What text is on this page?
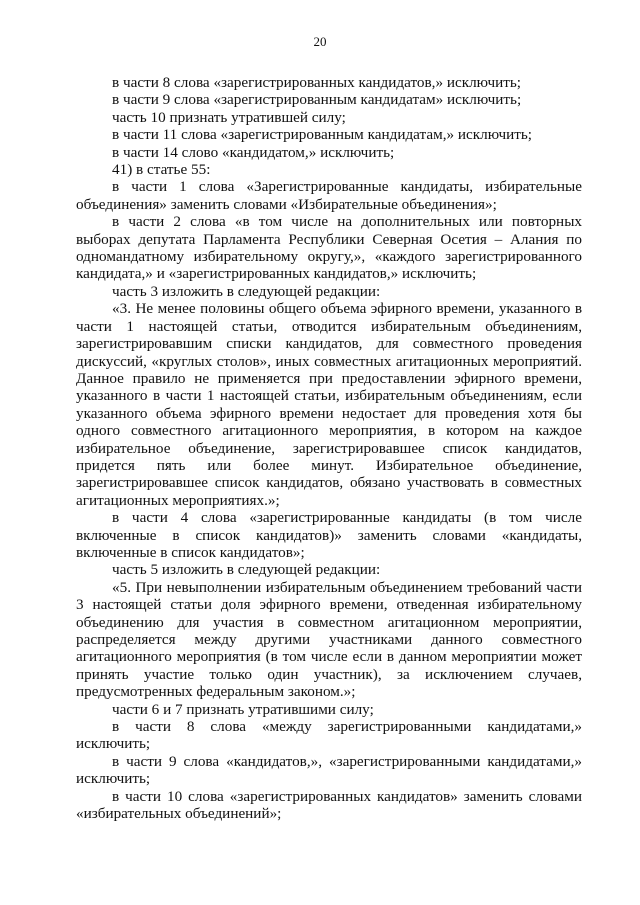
20

в части 8 слова «зарегистрированных кандидатов,» исключить;

в части 9 слова «зарегистрированным кандидатам» исключить;

часть 10 признать утратившей силу;

в части 11 слова «зарегистрированным кандидатам,» исключить;

в части 14 слово «кандидатом,» исключить;

41) в статье 55:

в части 1 слова «Зарегистрированные кандидаты, избирательные объединения» заменить словами «Избирательные объединения»;

в части 2 слова «в том числе на дополнительных или повторных выборах депутата Парламента Республики Северная Осетия – Алания по одномандатному избирательному округу,», «каждого зарегистрированного кандидата,» и «зарегистрированных кандидатов,» исключить;

часть 3 изложить в следующей редакции:

«3. Не менее половины общего объема эфирного времени, указанного в части 1 настоящей статьи, отводится избирательным объединениям, зарегистрировавшим списки кандидатов, для совместного проведения дискуссий, «круглых столов», иных совместных агитационных мероприятий. Данное правило не применяется при предоставлении эфирного времени, указанного в части 1 настоящей статьи, избирательным объединениям, если указанного объема эфирного времени недостает для проведения хотя бы одного совместного агитационного мероприятия, в котором на каждое избирательное объединение, зарегистрировавшее список кандидатов, придется пять или более минут. Избирательное объединение, зарегистрировавшее список кандидатов, обязано участвовать в совместных агитационных мероприятиях.»;

в части 4 слова «зарегистрированные кандидаты (в том числе включенные в список кандидатов)» заменить словами «кандидаты, включенные в список кандидатов»;

часть 5 изложить в следующей редакции:

«5. При невыполнении избирательным объединением требований части 3 настоящей статьи доля эфирного времени, отведенная избирательному объединению для участия в совместном агитационном мероприятии, распределяется между другими участниками данного совместного агитационного мероприятия (в том числе если в данном мероприятии может принять участие только один участник), за исключением случаев, предусмотренных федеральным законом.»;

части 6 и 7 признать утратившими силу;

в части 8 слова «между зарегистрированными кандидатами,» исключить;

в части 9 слова «кандидатов,», «зарегистрированными кандидатами,» исключить;

в части 10 слова «зарегистрированных кандидатов» заменить словами «избирательных объединений»;
